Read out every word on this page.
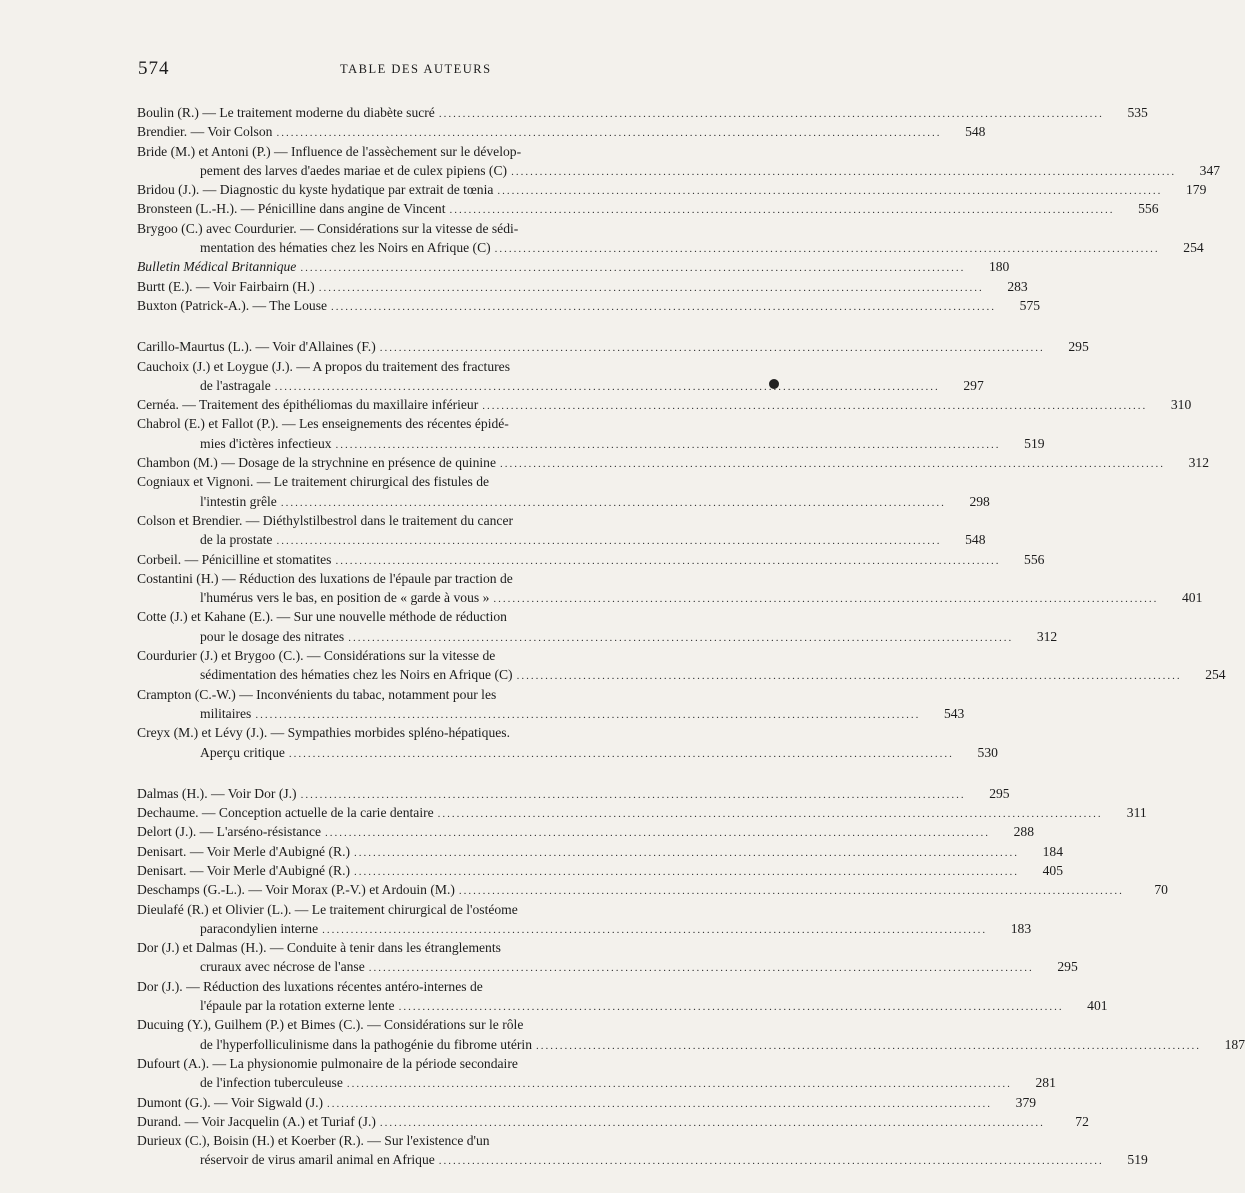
574	TABLE DES AUTEURS
Boulin (R.) — Le traitement moderne du diabète sucré .....	535
Brendier. — Voir Colson .....	548
Bride (M.) et Antoni (P.) — Influence de l'assèchement sur le dévelop-
pement des larves d'aedes mariae et de culex pipiens (C) .....	347
Bridou (J.). — Diagnostic du kyste hydatique par extrait de tœnia .....	179
Bronsteen (L.-H.). — Pénicilline dans angine de Vincent .....	556
Brygoo (C.) avec Courdurier. — Considérations sur la vitesse de sédi-
mentation des hématies chez les Noirs en Afrique (C) .....	254
Bulletin Médical Britannique .....	180
Burtt (E.). — Voir Fairbairn (H.) .....	283
Buxton (Patrick-A.). — The Louse .....	575
Carillo-Maurtus (L.). — Voir d'Allaines (F.) .....	295
Cauchoix (J.) et Loygue (J.). — A propos du traitement des fractures
de l'astragale .....	297
Cernéa. — Traitement des épithéliomas du maxillaire inférieur .....	310
Chabrol (E.) et Fallot (P.). — Les enseignements des récentes épidé-
mies d'ictères infectieux .....	519
Chambon (M.) — Dosage de la strychnine en présence de quinine .....	312
Cogniaux et Vignoni. — Le traitement chirurgical des fistules de
l'intestin grêle .....	298
Colson et Brendier. — Diéthylstilbestrol dans le traitement du cancer
de la prostate .....	548
Corbeil. — Pénicilline et stomatites .....	556
Costantini (H.) — Réduction des luxations de l'épaule par traction de
l'humérus vers le bas, en position de « garde à vous » .....	401
Cotte (J.) et Kahane (E.). — Sur une nouvelle méthode de réduction
pour le dosage des nitrates .....	312
Courdurier (J.) et Brygoo (C.). — Considérations sur la vitesse de
sédimentation des hématies chez les Noirs en Afrique (C) .....	254
Crampton (C.-W.) — Inconvénients du tabac, notamment pour les
militaires .....	543
Creyx (M.) et Lévy (J.). — Sympathies morbides spléno-hépatiques.
Aperçu critique .....	530
Dalmas (H.). — Voir Dor (J.) .....	295
Dechaume. — Conception actuelle de la carie dentaire .....	311
Delort (J.). — L'arséno-résistance .....	288
Denisart. — Voir Merle d'Aubigné (R.) .....	184
Denisart. — Voir Merle d'Aubigné (R.) .....	405
Deschamps (G.-L.). — Voir Morax (P.-V.) et Ardouin (M.) .....	70
Dieulafé (R.) et Olivier (L.). — Le traitement chirurgical de l'ostéome
paracondylien interne .....	183
Dor (J.) et Dalmas (H.). — Conduite à tenir dans les étranglements
cruraux avec nécrose de l'anse .....	295
Dor (J.). — Réduction des luxations récentes antéro-internes de
l'épaule par la rotation externe lente .....	401
Ducuing (Y.), Guilhem (P.) et Bimes (C.). — Considérations sur le rôle
de l'hyperfolliculinisme dans la pathogénie du fibrome utérin .....	187
Dufourt (A.). — La physionomie pulmonaire de la période secondaire
de l'infection tuberculeuse .....	281
Dumont (G.). — Voir Sigwald (J.) .....	379
Durand. — Voir Jacquelin (A.) et Turiaf (J.) .....	72
Durieux (C.), Boisin (H.) et Koerber (R.). — Sur l'existence d'un
réservoir de virus amaril animal en Afrique .....	519
